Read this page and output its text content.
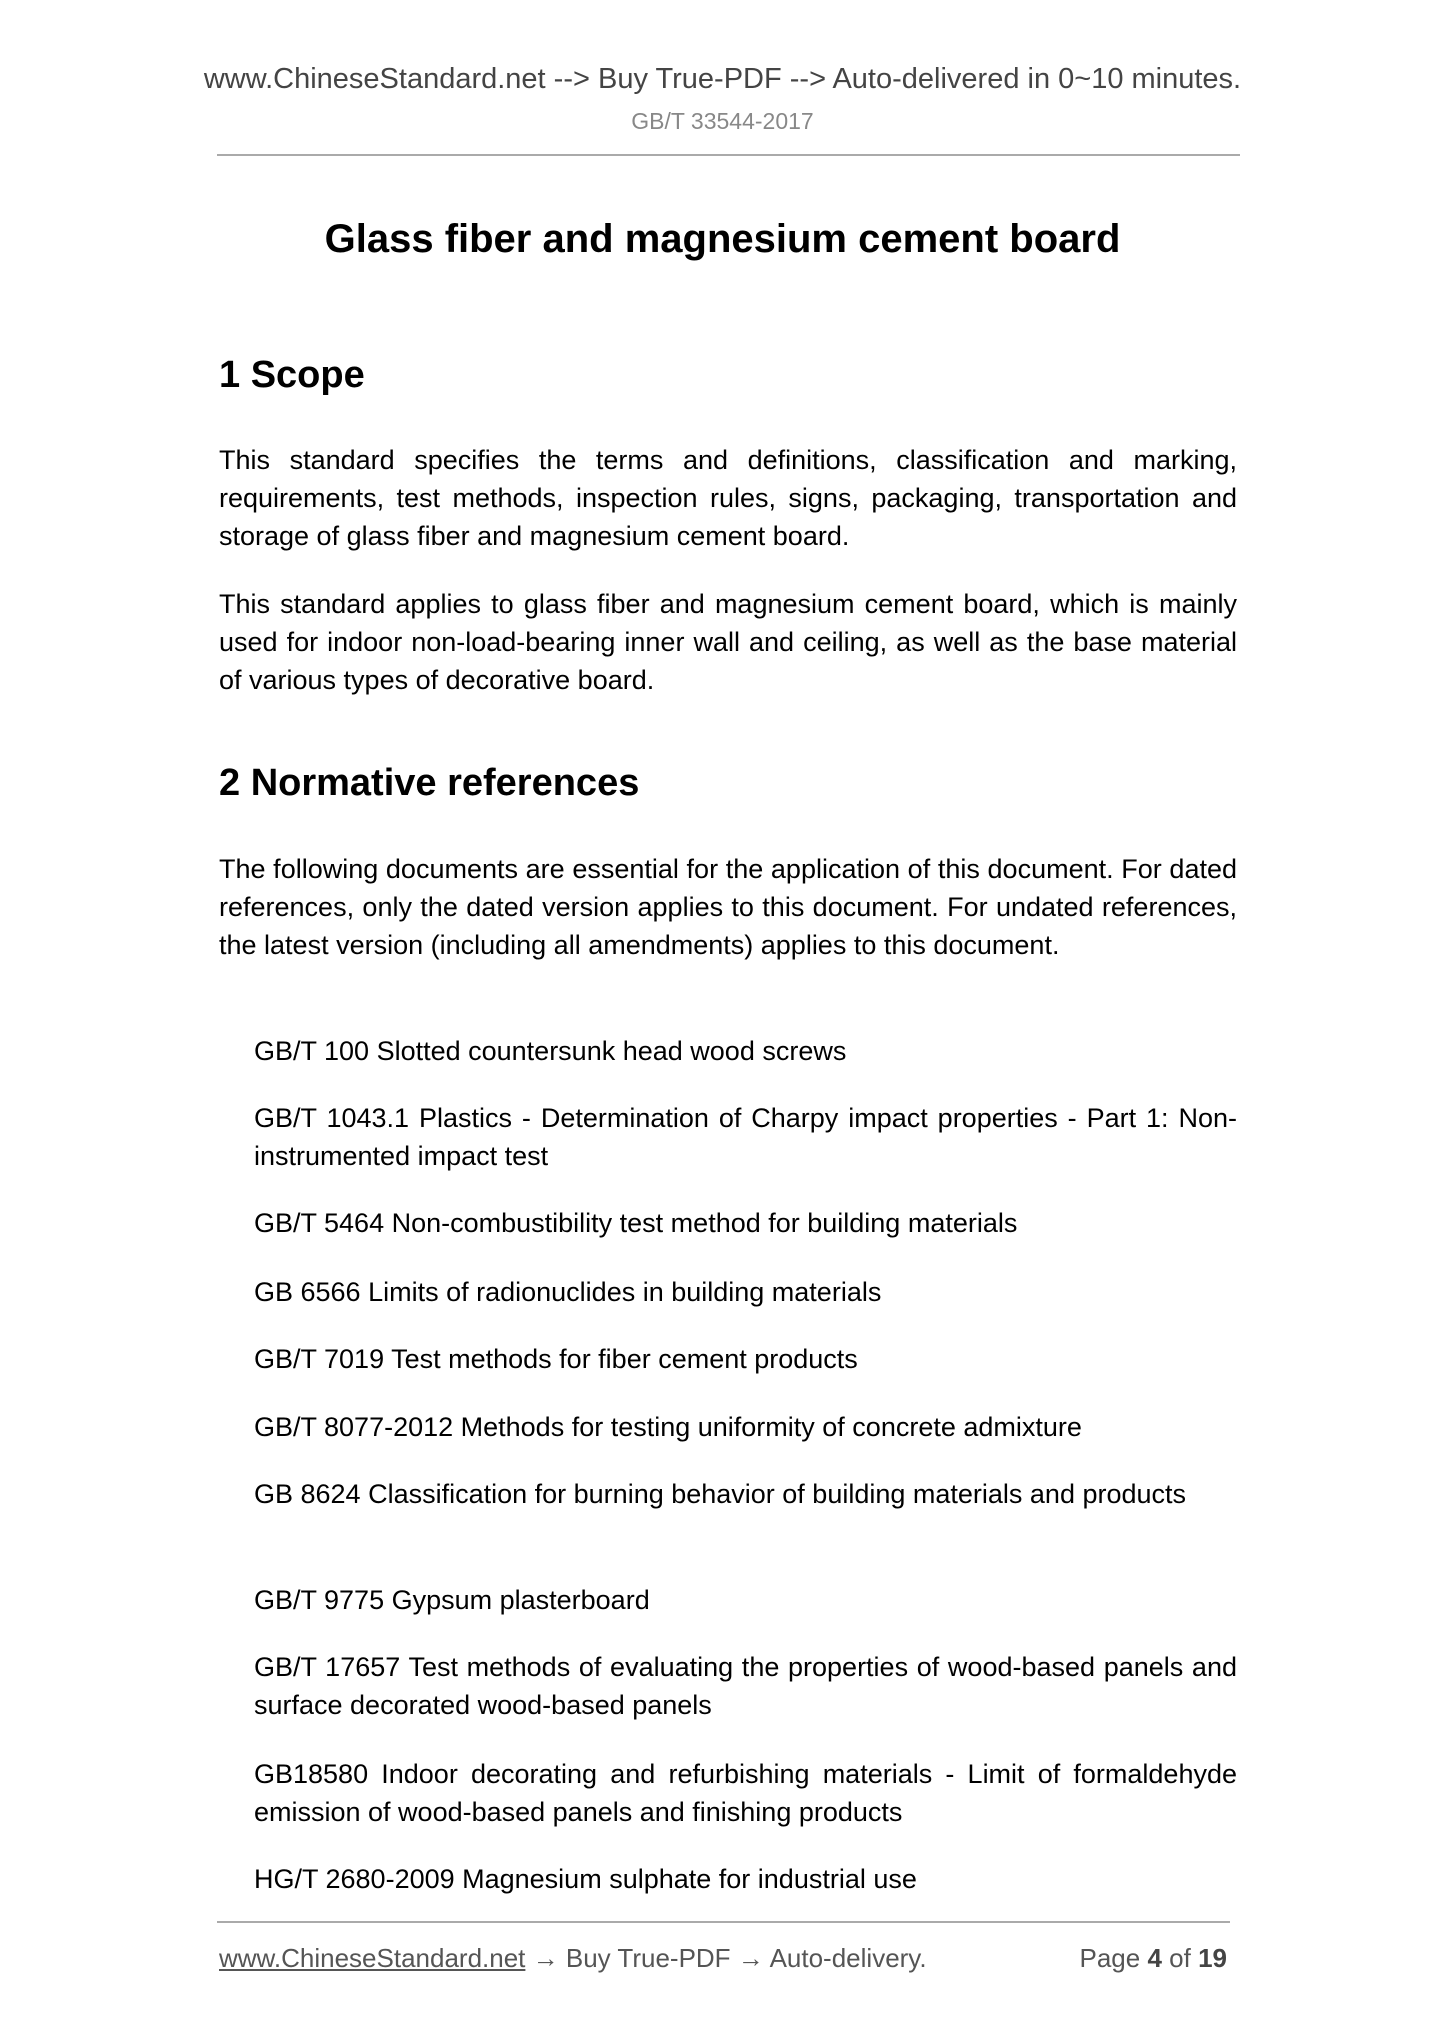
www.ChineseStandard.net --> Buy True-PDF --> Auto-delivered in 0~10 minutes.
GB/T 33544-2017
Glass fiber and magnesium cement board
1 Scope
This standard specifies the terms and definitions, classification and marking, requirements, test methods, inspection rules, signs, packaging, transportation and storage of glass fiber and magnesium cement board.
This standard applies to glass fiber and magnesium cement board, which is mainly used for indoor non-load-bearing inner wall and ceiling, as well as the base material of various types of decorative board.
2 Normative references
The following documents are essential for the application of this document. For dated references, only the dated version applies to this document. For undated references, the latest version (including all amendments) applies to this document.
GB/T 100 Slotted countersunk head wood screws
GB/T 1043.1 Plastics - Determination of Charpy impact properties - Part 1: Non-instrumented impact test
GB/T 5464 Non-combustibility test method for building materials
GB 6566 Limits of radionuclides in building materials
GB/T 7019 Test methods for fiber cement products
GB/T 8077-2012 Methods for testing uniformity of concrete admixture
GB 8624 Classification for burning behavior of building materials and products
GB/T 9775 Gypsum plasterboard
GB/T 17657 Test methods of evaluating the properties of wood-based panels and surface decorated wood-based panels
GB18580 Indoor decorating and refurbishing materials - Limit of formaldehyde emission of wood-based panels and finishing products
HG/T 2680-2009 Magnesium sulphate for industrial use
www.ChineseStandard.net → Buy True-PDF → Auto-delivery.	Page 4 of 19
